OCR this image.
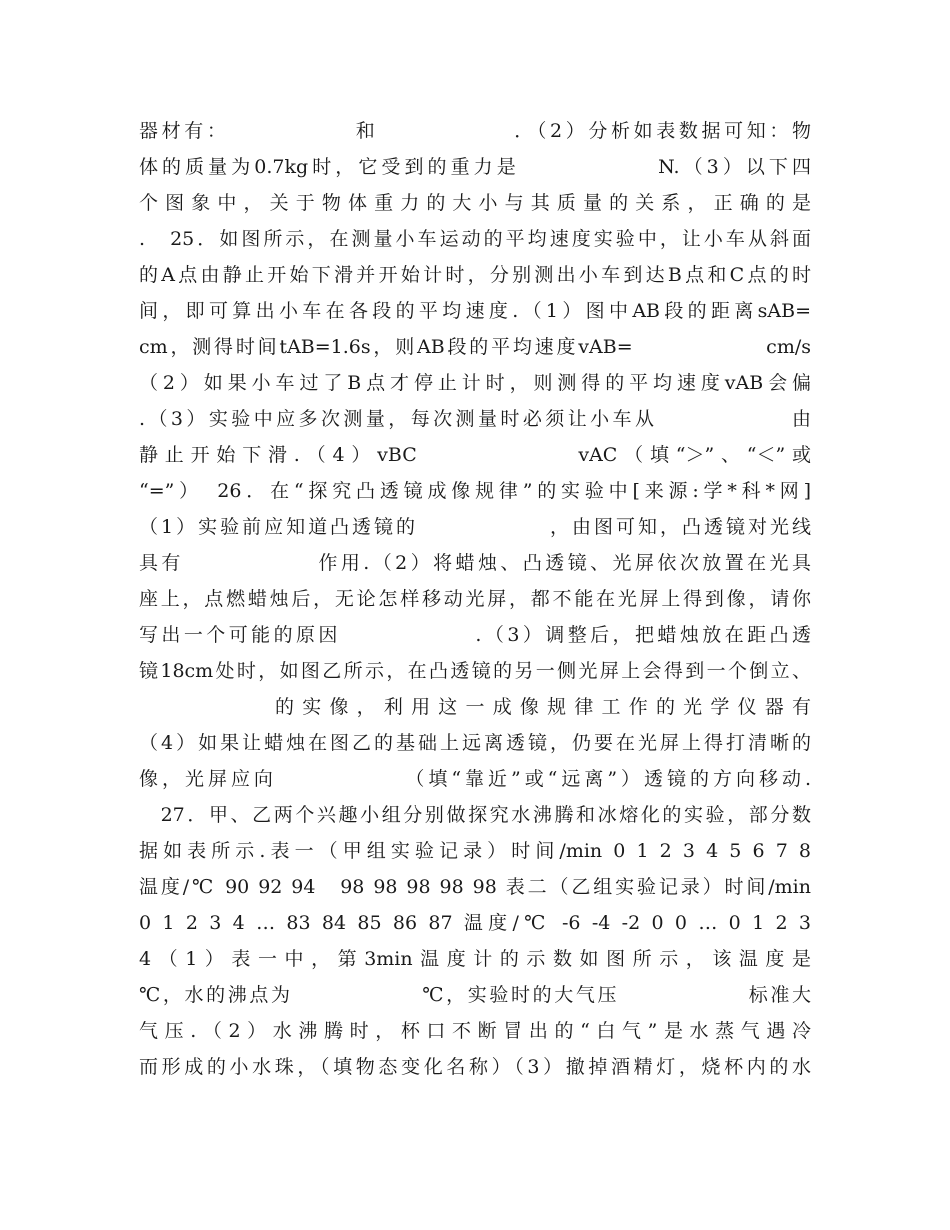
器材有：　　　　　　和　　　　　　．（2）分析如表数据可知：物
体的质量为0.7kg时，它受到的重力是　　　　　　N.（3）以下四
个图象中，关于物体重力的大小与其质量的关系，正确的是
.　25．如图所示，在测量小车运动的平均速度实验中，让小车从斜面
的A点由静止开始下滑并开始计时，分别测出小车到达B点和C点的时
间，即可算出小车在各段的平均速度.（1）图中AB段的距离sAB=
cm，测得时间tAB=1.6s，则AB段的平均速度vAB=　　　　　　cm/s
（2）如果小车过了B点才停止计时，则测得的平均速度vAB会偏
.（3）实验中应多次测量，每次测量时必须让小车从　　　　　　由
静止开始下滑.（4）vBC　　　　　　vAC（填“＞”、“＜”或
“=”）　26．在“探究凸透镜成像规律”的实验中[来源:学*科*网]
（1）实验前应知道凸透镜的　　　　　　，由图可知，凸透镜对光线
具有　　　　　　作用.（2）将蜡烛、凸透镜、光屏依次放置在光具
座上，点燃蜡烛后，无论怎样移动光屏，都不能在光屏上得到像，请你
写出一个可能的原因　　　　　　.（3）调整后，把蜡烛放在距凸透
镜18cm处时，如图乙所示，在凸透镜的另一侧光屏上会得到一个倒立、
　　　　　的实像，利用这一成像规律工作的光学仪器有
（4）如果让蜡烛在图乙的基础上远离透镜，仍要在光屏上得打清晰的
像，光屏应向　　　　　　（填“靠近”或“远离”）透镜的方向移动.
　27．甲、乙两个兴趣小组分别做探究水沸腾和冰熔化的实验，部分数
据如表所示.表一（甲组实验记录）时间/min 0 1 2 3 4 5 6 7 8
温度/℃ 90 92 94　98 98 98 98 98 表二（乙组实验记录）时间/min
0 1 2 3 4 … 83 84 85 86 87 温度/℃ -6 -4 -2 0 0 … 0 1 2 3
4（1）表一中，第3min温度计的示数如图所示，该温度是
℃，水的沸点为　　　　　　℃，实验时的大气压　　　　　　标准大
气压.（2）水沸腾时，杯口不断冒出的“白气”是水蒸气遇冷
而形成的小水珠，（填物态变化名称）（3）撤掉酒精灯，烧杯内的水
